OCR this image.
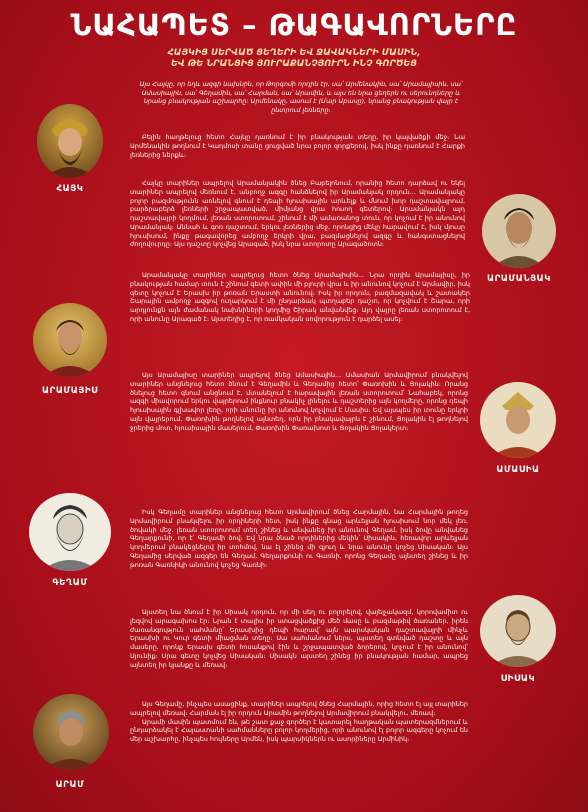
ՆԱՀԱՊԵՏ – ԹԱԳԱՎՈՐՆԵՐԸ
ՀԱՅԿԻՑ ՍԵՐՎԱԾ ՑԵՂԵՐԻ ԵՎ ՋԱՎԱԿՆԵՐԻ ՄԱՍԻՆ,
ԵՎ ԹԵ ՆՐԱՆՑԻՑ ՅՈՒՐԱՔԱՆՉՅՈՒՐՆ ԻՆՉ ԳՈՐԾԵՑ

Այս Հայկը, որ եղև ազգի նախնին, որ Թորգոմի որդին էր, սա՝ Արմենակին, սա՝ Արամայիսին, սա՝ Ամասիային, սա՝ Գեղամին, սա՝ Հարման, սա՝ Արամին, և այս են նրա ցեղերն ու սերունդները և նրանց բնակության աշխարհը: Արմենակը, ասում է (Մար Աբասը), նրանց բնակության վայր է ընտրում լեռները։

ՀԱՅԿ
ԱՐԱՄԱՆՅԱԿ
ԱՐԱՄԱՅԻՍ
ԱՄԱՍԻԱ
ԳԵՂԱՄ
ՍԻՍԱԿ
ԱՐԱՄ

Բելին հաղթելուց հետո Հայկը դառնում է իր բնակության տեղը, իր կալվածքի մեջ։ Նա Արմենակին թողնում է Կադմոսի տանը ցուցված նրա բոլոր զորքերով, իսկ ինքը դառնում է Հարքի լեռներից ներքև։

Հայկը տարիներ ապրելով Արամանյակին ծնեց Բաբելոնում, որանից հետո դարձավ ու եկել տարիներ ապրելով մեռնում է, անբողջ ազգը հանձնելով իր Արամանյակ որդուն... Արամանյակը բոլոր բազմությունն առնելով գնում է դեպի հյուսիսային արևելք և մնում խոր դաշտավայրում, բարձրաբերձ լեռների շրջապատված, միմյանց վրա հոսող գետերով։ Արամանյակն այդ դաշտավայրի կողմում, լեռան ստորոտում, շինում է մի ամառանոց տուն, որ կոչում է իր անունով Արամանյակ։ Աննահ և գոռ դաշտում, երկու լեռներից մեջ, որոնցից մեկը հարավում է, իսկ մյուսը հյուսիսում, ինքը թագավորեց ամբողջ երկրի վրա, բազմացնելով ազգը և հանգստացնելով ժողովուրդը։ Այս դաշտը կոչվեց Արագած, իսկ նրա ստորոտը Արագածոտն։

Արամանյակը տարիներ ապրելուց հետո ծնեց Արամայիսին... Նրա որդին Արամայիսը, իր բնակության համար տուն է շինում գետի ափին մի բլուրի վրա և իր անունով կոչում է Արմավիր, իսկ գետը կոչում է Երասխ իր թոռան Երաստի անունով։ Իսկ իր որդուն, բազմազավակ և շատակեր Շարային ամբողջ ազգով ուղարկում է մի ընդարձակ պտղաբեր դաշտ, որ կոչվում է Շարա, որի արդյունքն այն ժամանակ նախնիների կողմից Շիրակ անվանվեց։ Այդ վայրը լեռան ստորոտում է, որի անունը Արագած է։ Այստեղից է, որ ռամկական սովորություն է դարձել ասել։

Այս Արամայիսը տարիներ ապրելով ծնեց Ամասիային... Ամասիան Արմավիրում բնակվելով տարիներ անցնելուց հետո ծնում է Գեղամին և Գեղամից հետո՝ Փառոխին և Ցոլակին։ Որանց ծնելուց հետո գնում անցնում է, մտանելում է հարավային լեռան ստորոտում՝ Նահաբեկ, որոնց ազգի միավորում երկու վայրերում ինքնուր բնակիչ լինելու և դաշտերից այն կողմերը, որոնց դեպի հյուսիսային գլխավոր լեռը, որի անունը իր անունով կոչվում է Մասիս։ Եվ այսպես իր տունը երկրի այն վայրերում, Փառոխին թողնելով այնտեղ, որն իր բնակավայրն է շինում, Ցոլակին էլ թողնելով ջրերից մոտ, հյուսիսային մասերում, Փառոխին Փառախոտ և Ցոլակին Ցոլակերտ։

Իսկ Գեղամը տարիներ անցնելուց հետո Արմավիրում ծնեց Հարմային, նա Հարմային թողեց Արմավիրում բնակվելու իր որդիների հետ, իսկ ինքը գնաց արևելյան հյուսիսում նոր մեկ լեռ, ծովակի մեջ. լեռան ստորոտում տեղ շինեց և անվանեց իր անունով Գեղամ, իսկ ծովը անվանեց Գեղարքունի, որ է՝ Գեղամի ծով։ Եվ նրա ծնած որդիներից մեկին՝ Սիսակին, հեռավոր արևելյան կողմերում բնակեցնելով իր տոհմով, նա էլ շինեց մի գյուղ և նրա անունը կոչեց Սիսական։ Այս Գեղամից սերված ազգեր են Գեղամ, Գեղարքունի ու Գառնի, որոնց Գեղամը այնտեղ շինեց և իր թոռան Գառնիկի անունով կոչեց Գառնի։

Այստեղ նա ծնում է իր Սիսակ որդուն, որ մի սեղ ու բոլորելով, վայելչակազմ, կորովամիտ ու լեզվով արագախոս էր։ Նրան է տալիս իր ստացվածքից մեծ մասը և բազմաթիվ ծառաներ, իրեն ժառանգություն սահմանը՝ Երասխից դեպի հարավ՝ այն պարսկական դաշտավայրի մինչև Երասխի ու Կուր գետի միացման տեղը։ Սա սահմանում ներս, այստեղ գտնված դաշտը և այն մասերը, որոնք Երասխ գետի հոսանքով էին և շրջապատված ձորերով, կոչում է իր անունով՝ Սյունիք։ Սրա գետը կոչվեց Սիսական։ Սիսակն այստեղ շինեց իր բնակության համար, ապրեց այնտեղ իր կյանքը և մեռավ։

Այս Գեղամը, ինչպես ասացինք, տարիներ ապրելով ծնեց Հարմային, որից հետո էլ այլ տարիներ ապրելով մեռավ։ Հարման էլ իր որդուն Արամին թողնելով Արմավիրում բնակվելու, մեռավ։

Արամի մասին պատմում են, թե շատ քաջ գործեր է կատարել հաղթական պատերազմներում և ընդարձակել է Հայաստանի սահմանները բոլոր կողմերից, որի անունով էլ բոլոր ազգերը կոչում են մեր աշխարհը, ինչպես հույները Արմեն, իսկ պարսիկներն ու ասորիները Արմինիկ։
